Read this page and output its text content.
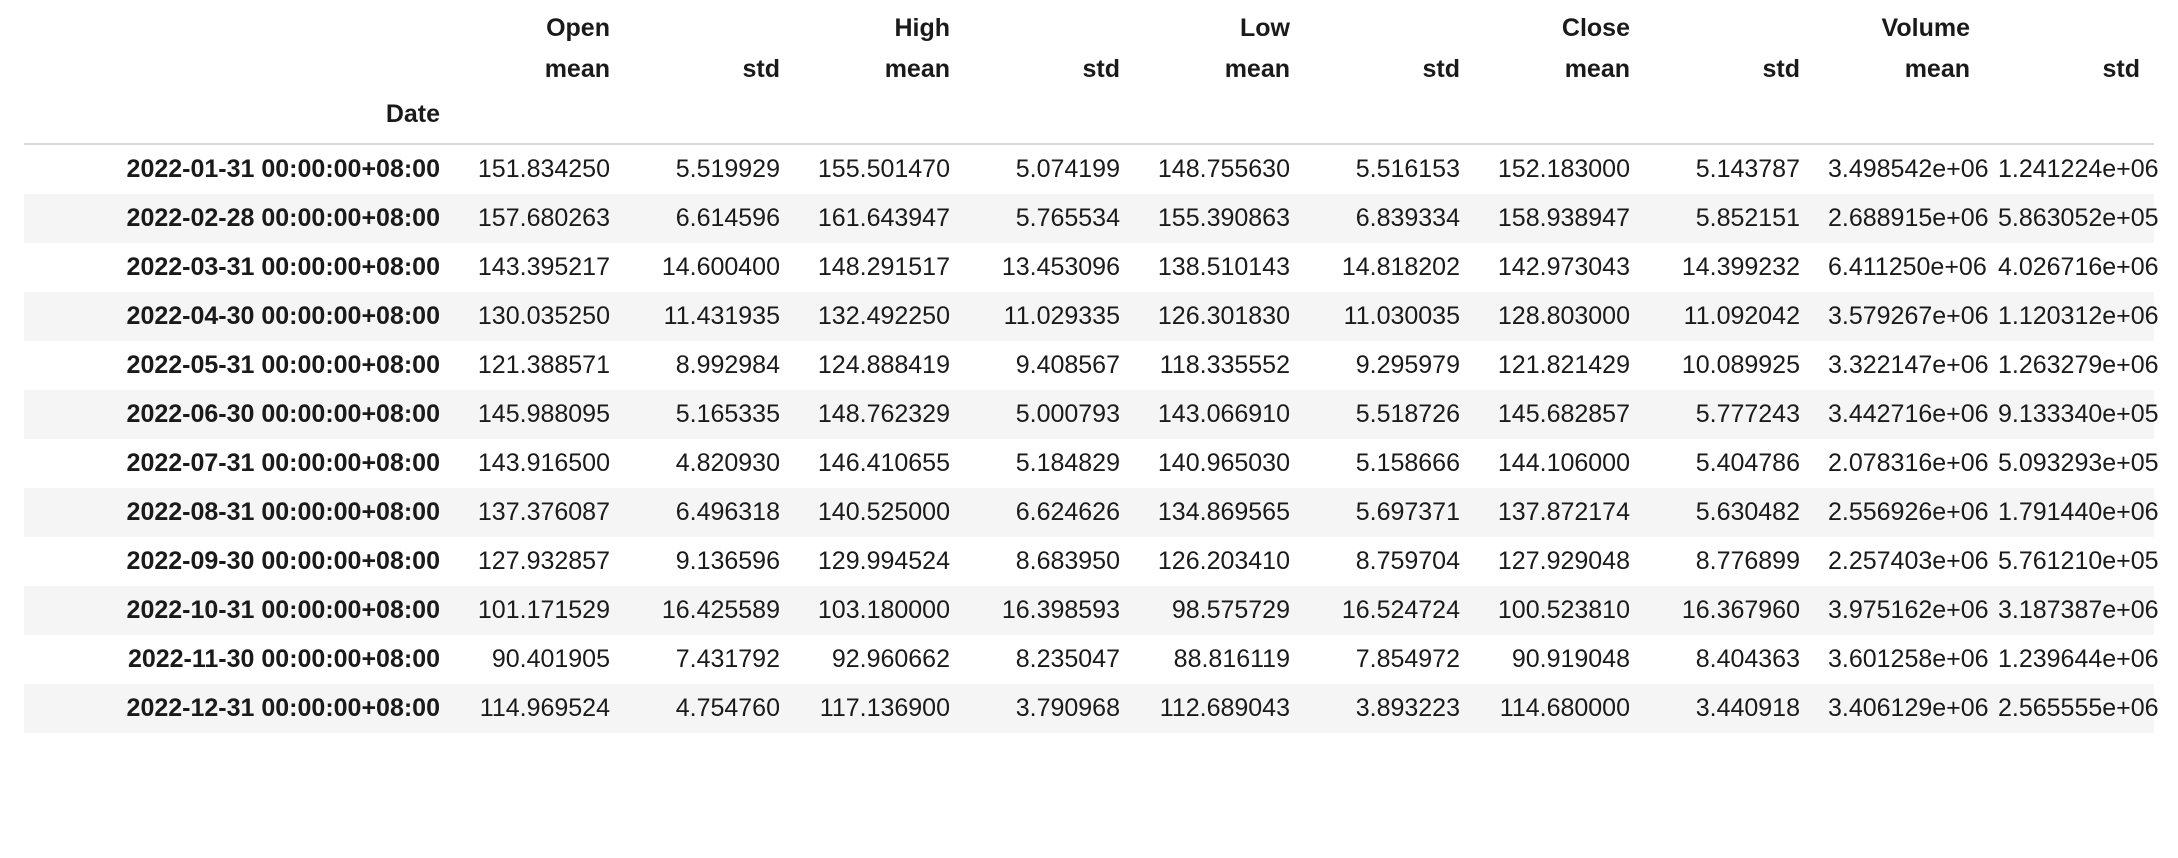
	Open		High		Low		Close		Volume	
	mean	std	mean	std	mean	std	mean	std	mean	std
Date										
2022-01-31 00:00:00+08:00	151.834250	5.519929	155.501470	5.074199	148.755630	5.516153	152.183000	5.143787	3.498542e+06	1.241224e+06
2022-02-28 00:00:00+08:00	157.680263	6.614596	161.643947	5.765534	155.390863	6.839334	158.938947	5.852151	2.688915e+06	5.863052e+05
2022-03-31 00:00:00+08:00	143.395217	14.600400	148.291517	13.453096	138.510143	14.818202	142.973043	14.399232	6.411250e+06	4.026716e+06
2022-04-30 00:00:00+08:00	130.035250	11.431935	132.492250	11.029335	126.301830	11.030035	128.803000	11.092042	3.579267e+06	1.120312e+06
2022-05-31 00:00:00+08:00	121.388571	8.992984	124.888419	9.408567	118.335552	9.295979	121.821429	10.089925	3.322147e+06	1.263279e+06
2022-06-30 00:00:00+08:00	145.988095	5.165335	148.762329	5.000793	143.066910	5.518726	145.682857	5.777243	3.442716e+06	9.133340e+05
2022-07-31 00:00:00+08:00	143.916500	4.820930	146.410655	5.184829	140.965030	5.158666	144.106000	5.404786	2.078316e+06	5.093293e+05
2022-08-31 00:00:00+08:00	137.376087	6.496318	140.525000	6.624626	134.869565	5.697371	137.872174	5.630482	2.556926e+06	1.791440e+06
2022-09-30 00:00:00+08:00	127.932857	9.136596	129.994524	8.683950	126.203410	8.759704	127.929048	8.776899	2.257403e+06	5.761210e+05
2022-10-31 00:00:00+08:00	101.171529	16.425589	103.180000	16.398593	98.575729	16.524724	100.523810	16.367960	3.975162e+06	3.187387e+06
2022-11-30 00:00:00+08:00	90.401905	7.431792	92.960662	8.235047	88.816119	7.854972	90.919048	8.404363	3.601258e+06	1.239644e+06
2022-12-31 00:00:00+08:00	114.969524	4.754760	117.136900	3.790968	112.689043	3.893223	114.680000	3.440918	3.406129e+06	2.565555e+06
